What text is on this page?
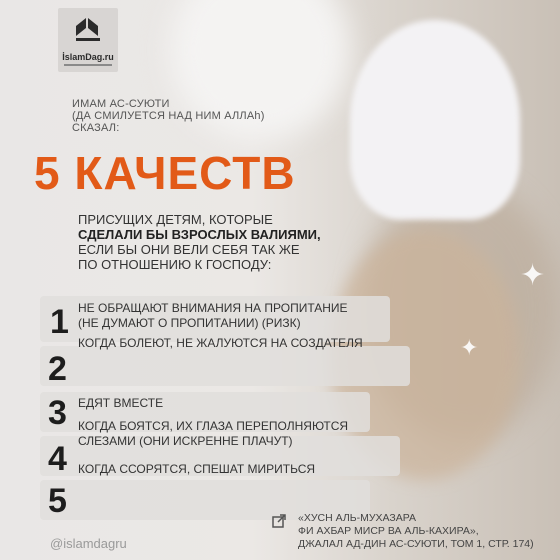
✦
✦
İslamDag.ru
ИМАМ АС-СУЮТИ
(ДА СМИЛУЕТСЯ НАД НИМ АЛЛАh)
СКАЗАЛ:
5 КАЧЕСТВ
ПРИСУЩИХ ДЕТЯМ, КОТОРЫЕ
СДЕЛАЛИ БЫ ВЗРОСЛЫХ ВАЛИЯМИ,
ЕСЛИ БЫ ОНИ ВЕЛИ СЕБЯ ТАК ЖЕ
ПО ОТНОШЕНИЮ К ГОСПОДУ:
1 НЕ ОБРАЩАЮТ ВНИМАНИЯ НА ПРОПИТАНИЕ
(НЕ ДУМАЮТ О ПРОПИТАНИИ) (РИЗК)
2
КОГДА БОЛЕЮТ, НЕ ЖАЛУЮТСЯ НА СОЗДАТЕЛЯ
3 ЕДЯТ ВМЕСТЕ
4
КОГДА БОЯТСЯ, ИХ ГЛАЗА ПЕРЕПОЛНЯЮТСЯ
СЛЕЗАМИ (ОНИ ИСКРЕННЕ ПЛАЧУТ)
5
КОГДА ССОРЯТСЯ, СПЕШАТ МИРИТЬСЯ
@islamdagru
«ХУСН АЛЬ-МУХАЗАРА
ФИ АХБАР МИСР ВА АЛЬ-КАХИРА»,
ДЖАЛАЛ АД-ДИН АС-СУЮТИ, ТОМ 1, СТР. 174)
